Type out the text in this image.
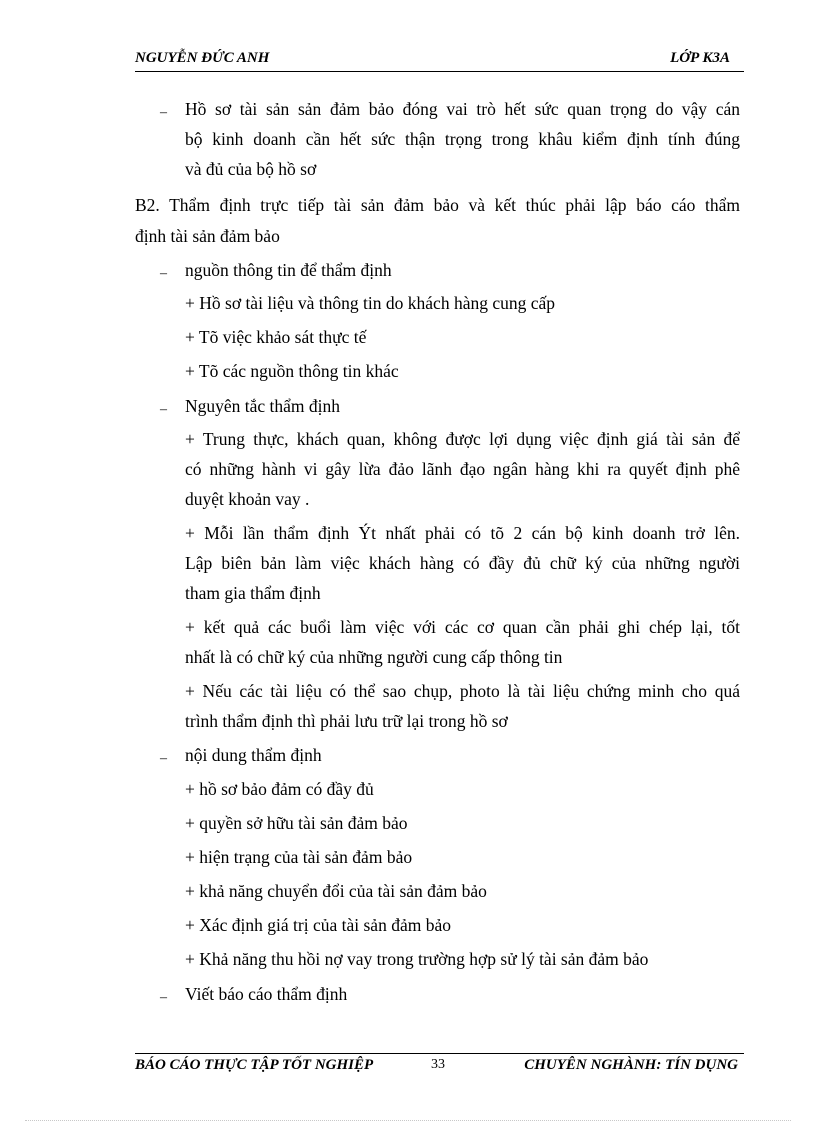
NGUYỄN ĐỨC ANH	LỚP K3A
– Hồ sơ tài sản sản đảm bảo đóng vai trò hết sức quan trọng do vậy cán
bộ kinh doanh cần hết sức thận trọng trong khâu kiểm định tính đúng
và đủ của bộ hồ sơ
B2. Thẩm định trực tiếp tài sản đảm bảo và kết thúc phải lập báo cáo thẩm
định tài sản đảm bảo
– nguồn thông tin để thẩm định
+ Hồ sơ tài liệu và thông tin do khách hàng cung cấp
+ Tõ việc khảo sát thực tế
+ Tõ các nguồn thông tin khác
– Nguyên tắc thẩm định
+ Trung thực, khách quan, không được lợi dụng việc định giá tài sản để
có những hành vi gây lừa đảo lãnh đạo ngân hàng khi ra quyết định phê
duyệt khoản vay .
+ Mỗi lần thẩm định Ýt nhất phải có tõ 2 cán bộ kinh doanh trở lên.
Lập biên bản làm việc khách hàng có đầy đủ chữ ký của những người
tham gia thẩm định
+ kết quả các buổi làm việc với các cơ quan cần phải ghi chép lại, tốt
nhất là có chữ ký của những người cung cấp thông tin
+ Nếu các tài liệu có thể sao chụp, photo là tài liệu chứng minh cho quá
trình thẩm định thì phải lưu trữ lại trong hồ sơ
– nội dung thẩm định
+ hồ sơ bảo đảm có đầy đủ
+ quyền sở hữu tài sản đảm bảo
+ hiện trạng của tài sản đảm bảo
+ khả năng chuyển đổi của tài sản đảm bảo
+ Xác định giá trị của tài sản đảm bảo
+ Khả năng thu hồi nợ vay trong trường hợp sử lý tài sản đảm bảo
– Viết báo cáo thẩm định
BÁO CÁO THỰC TẬP TỐT NGHIỆP	33	CHUYÊN NGHÀNH: TÍN DỤNG
